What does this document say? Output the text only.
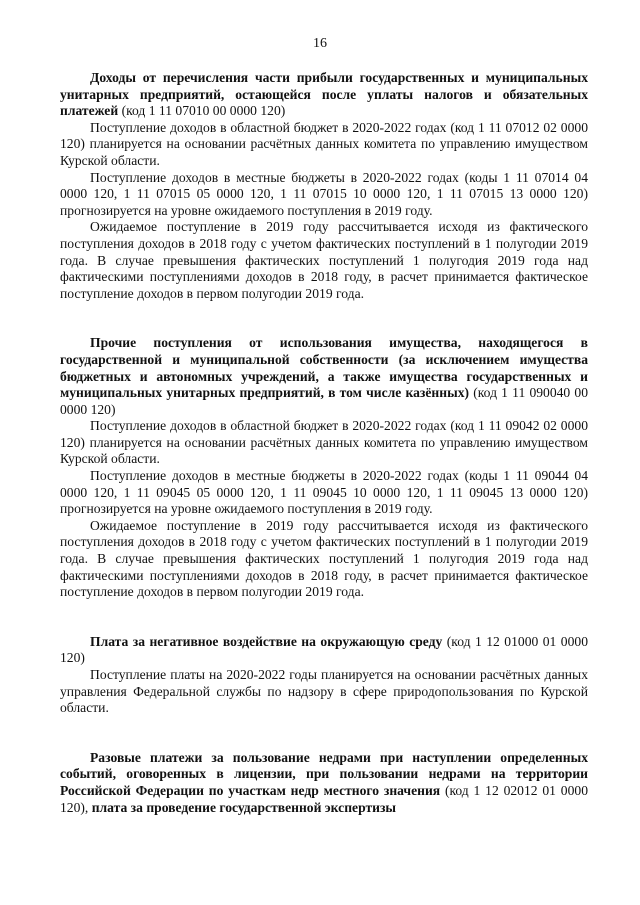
16

Доходы от перечисления части прибыли государственных и муниципальных унитарных предприятий, остающейся после уплаты налогов и обязательных платежей (код 1 11 07010 00 0000 120)

Поступление доходов в областной бюджет в 2020-2022 годах (код 1 11 07012 02 0000 120) планируется на основании расчётных данных комитета по управлению имуществом Курской области.

Поступление доходов в местные бюджеты в 2020-2022 годах (коды 1 11 07014 04 0000 120, 1 11 07015 05 0000 120, 1 11 07015 10 0000 120, 1 11 07015 13 0000 120) прогнозируется на уровне ожидаемого поступления в 2019 году.

Ожидаемое поступление в 2019 году рассчитывается исходя из фактического поступления доходов в 2018 году с учетом фактических поступлений в 1 полугодии 2019 года. В случае превышения фактических поступлений 1 полугодия 2019 года над фактическими поступлениями доходов в 2018 году, в расчет принимается фактическое поступление доходов в первом полугодии 2019 года.

Прочие поступления от использования имущества, находящегося в государственной и муниципальной собственности (за исключением имущества бюджетных и автономных учреждений, а также имущества государственных и муниципальных унитарных предприятий, в том числе казённых) (код 1 11 090040 00 0000 120)

Поступление доходов в областной бюджет в 2020-2022 годах (код 1 11 09042 02 0000 120) планируется на основании расчётных данных комитета по управлению имуществом Курской области.

Поступление доходов в местные бюджеты в 2020-2022 годах (коды 1 11 09044 04 0000 120, 1 11 09045 05 0000 120, 1 11 09045 10 0000 120, 1 11 09045 13 0000 120) прогнозируется на уровне ожидаемого поступления в 2019 году.

Ожидаемое поступление в 2019 году рассчитывается исходя из фактического поступления доходов в 2018 году с учетом фактических поступлений в 1 полугодии 2019 года. В случае превышения фактических поступлений 1 полугодия 2019 года над фактическими поступлениями доходов в 2018 году, в расчет принимается фактическое поступление доходов в первом полугодии 2019 года.

Плата за негативное воздействие на окружающую среду (код 1 12 01000 01 0000 120)

Поступление платы на 2020-2022 годы планируется на основании расчётных данных управления Федеральной службы по надзору в сфере природопользования по Курской области.

Разовые платежи за пользование недрами при наступлении определенных событий, оговоренных в лицензии, при пользовании недрами на территории Российской Федерации по участкам недр местного значения (код 1 12 02012 01 0000 120), плата за проведение государственной экспертизы
